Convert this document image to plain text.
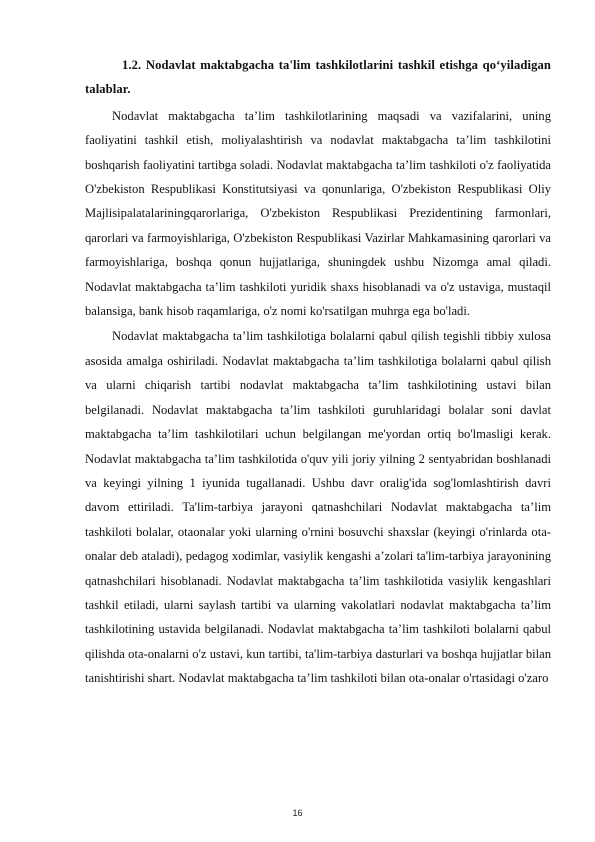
1.2. Nodavlat maktabgacha ta'lim tashkilotlarini tashkil etishga qo‘yiladigan talablar.

Nodavlat maktabgacha ta’lim tashkilotlarining maqsadi va vazifalarini, uning faoliyatini tashkil etish, moliyalashtirish va nodavlat maktabgacha ta’lim tashkilotini boshqarish faoliyatini tartibga soladi. Nodavlat maktabgacha ta’lim tashkiloti o'z faoliyatida O'zbekiston Respublikasi Konstitutsiyasi va qonunlariga, O'zbekiston Respublikasi Oliy Majlisipalatalariningqarorlariga, O'zbekiston Respublikasi Prezidentining farmonlari, qarorlari va farmoyishlariga, O'zbekiston Respublikasi Vazirlar Mahkamasining qarorlari va farmoyishlariga, boshqa qonun hujjatlariga, shuningdek ushbu Nizomga amal qiladi. Nodavlat maktabgacha ta’lim tashkiloti yuridik shaxs hisoblanadi va o'z ustaviga, mustaqil balansiga, bank hisob raqamlariga, o'z nomi ko'rsatilgan muhrga ega bo'ladi.

Nodavlat maktabgacha ta’lim tashkilotiga bolalarni qabul qilish tegishli tibbiy xulosa asosida amalga oshiriladi. Nodavlat maktabgacha ta’lim tashkilotiga bolalarni qabul qilish va ularni chiqarish tartibi nodavlat maktabgacha ta’lim tashkilotining ustavi bilan belgilanadi. Nodavlat maktabgacha ta’lim tashkiloti guruhlaridagi bolalar soni davlat maktabgacha ta’lim tashkilotilari uchun belgilangan me'yordan ortiq bo'lmasligi kerak. Nodavlat maktabgacha ta’lim tashkilotida o'quv yili joriy yilning 2 sentyabridan boshlanadi va keyingi yilning 1 iyunida tugallanadi. Ushbu davr oralig'ida sog'lomlashtirish davri davom ettiriladi. Ta'lim-tarbiya jarayoni qatnashchilari Nodavlat maktabgacha ta’lim tashkiloti bolalar, otaonalar yoki ularning o'rnini bosuvchi shaxslar (keyingi o'rinlarda ota-onalar deb ataladi), pedagog xodimlar, vasiylik kengashi a’zolari ta'lim-tarbiya jarayonining qatnashchilari hisoblanadi. Nodavlat maktabgacha ta’lim tashkilotida vasiylik kengashlari tashkil etiladi, ularni saylash tartibi va ularning vakolatlari nodavlat maktabgacha ta’lim tashkilotining ustavida belgilanadi. Nodavlat maktabgacha ta’lim tashkiloti bolalarni qabul qilishda ota-onalarni o'z ustavi, kun tartibi, ta'lim-tarbiya dasturlari va boshqa hujjatlar bilan tanishtirishi shart. Nodavlat maktabgacha ta’lim tashkiloti bilan ota-onalar o'rtasidagi o'zaro

16
